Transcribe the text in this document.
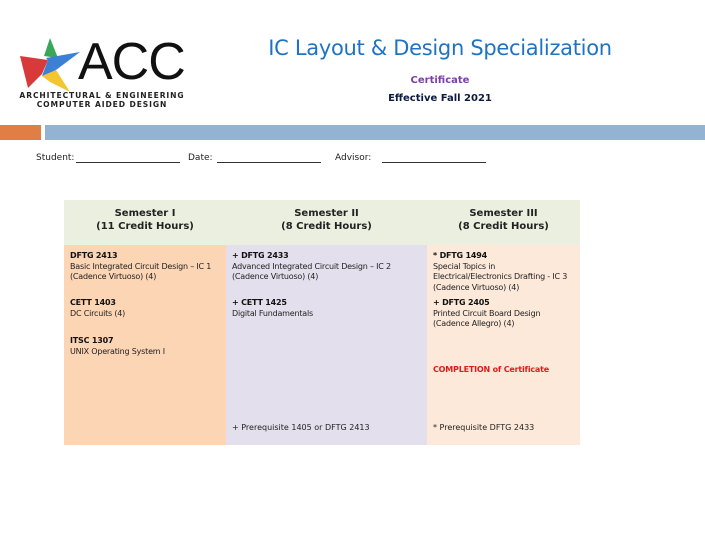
ACC
ARCHITECTURAL & ENGINEERING
COMPUTER AIDED DESIGN
IC Layout & Design Specialization
Certificate
Effective Fall 2021
Student:	Date:	Advisor:
Semester I
(11 Credit Hours)
DFTG 2413
Basic Integrated Circuit Design – IC 1 (Cadence Virtuoso) (4)
CETT 1403
DC Circuits (4)
ITSC 1307
UNIX Operating System I
Semester II
(8 Credit Hours)
+ DFTG 2433
Advanced Integrated Circuit Design – IC 2 (Cadence Virtuoso) (4)
+ CETT 1425
Digital Fundamentals
+ Prerequisite 1405 or DFTG 2413
Semester III
(8 Credit Hours)
* DFTG 1494
Special Topics in Electrical/Electronics Drafting - IC 3 (Cadence Virtuoso) (4)
+ DFTG 2405
Printed Circuit Board Design (Cadence Allegro) (4)
COMPLETION of Certificate
* Prerequisite DFTG 2433
